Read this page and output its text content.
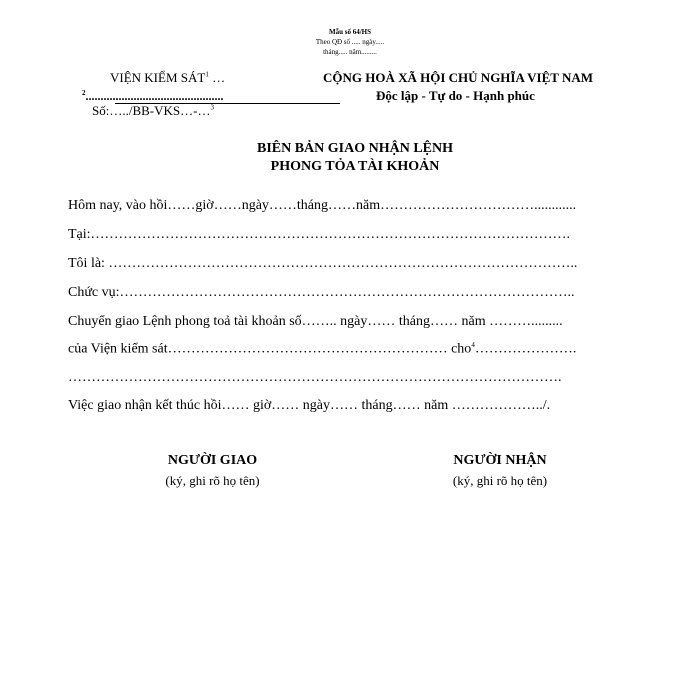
Mẫu số 64/HS
Theo QĐ số ..... ngày.....
tháng..... năm.........
VIỆN KIỂM SÁT$^1$ …
$^2$..............................................
Số:…../BB-VKS…-…$^3$
CỘNG HOÀ XÃ HỘI CHỦ NGHĨA VIỆT NAM
Độc lập - Tự do - Hạnh phúc
BIÊN BẢN GIAO NHẬN LỆNH
PHONG TỎA TÀI KHOẢN
Hôm nay, vào hồi……giờ……ngày……tháng……năm……………………………............
Tại:………………………………………………………………………………………….
Tôi là: ………………………………………………………………………………………..
Chức vụ:……………………………………………………………………………………..
Chuyển giao Lệnh phong toả tài khoản số…….. ngày…… tháng…… năm ……….........
của Viện kiểm sát…………………………………………………… cho$^4$………………….
…………………………………………………………………………………………….
Việc giao nhận kết thúc hồi…… giờ…… ngày…… tháng…… năm ………………../.
NGƯỜI GIAO
(ký, ghi rõ họ tên)
NGƯỜI NHẬN
(ký, ghi rõ họ tên)
